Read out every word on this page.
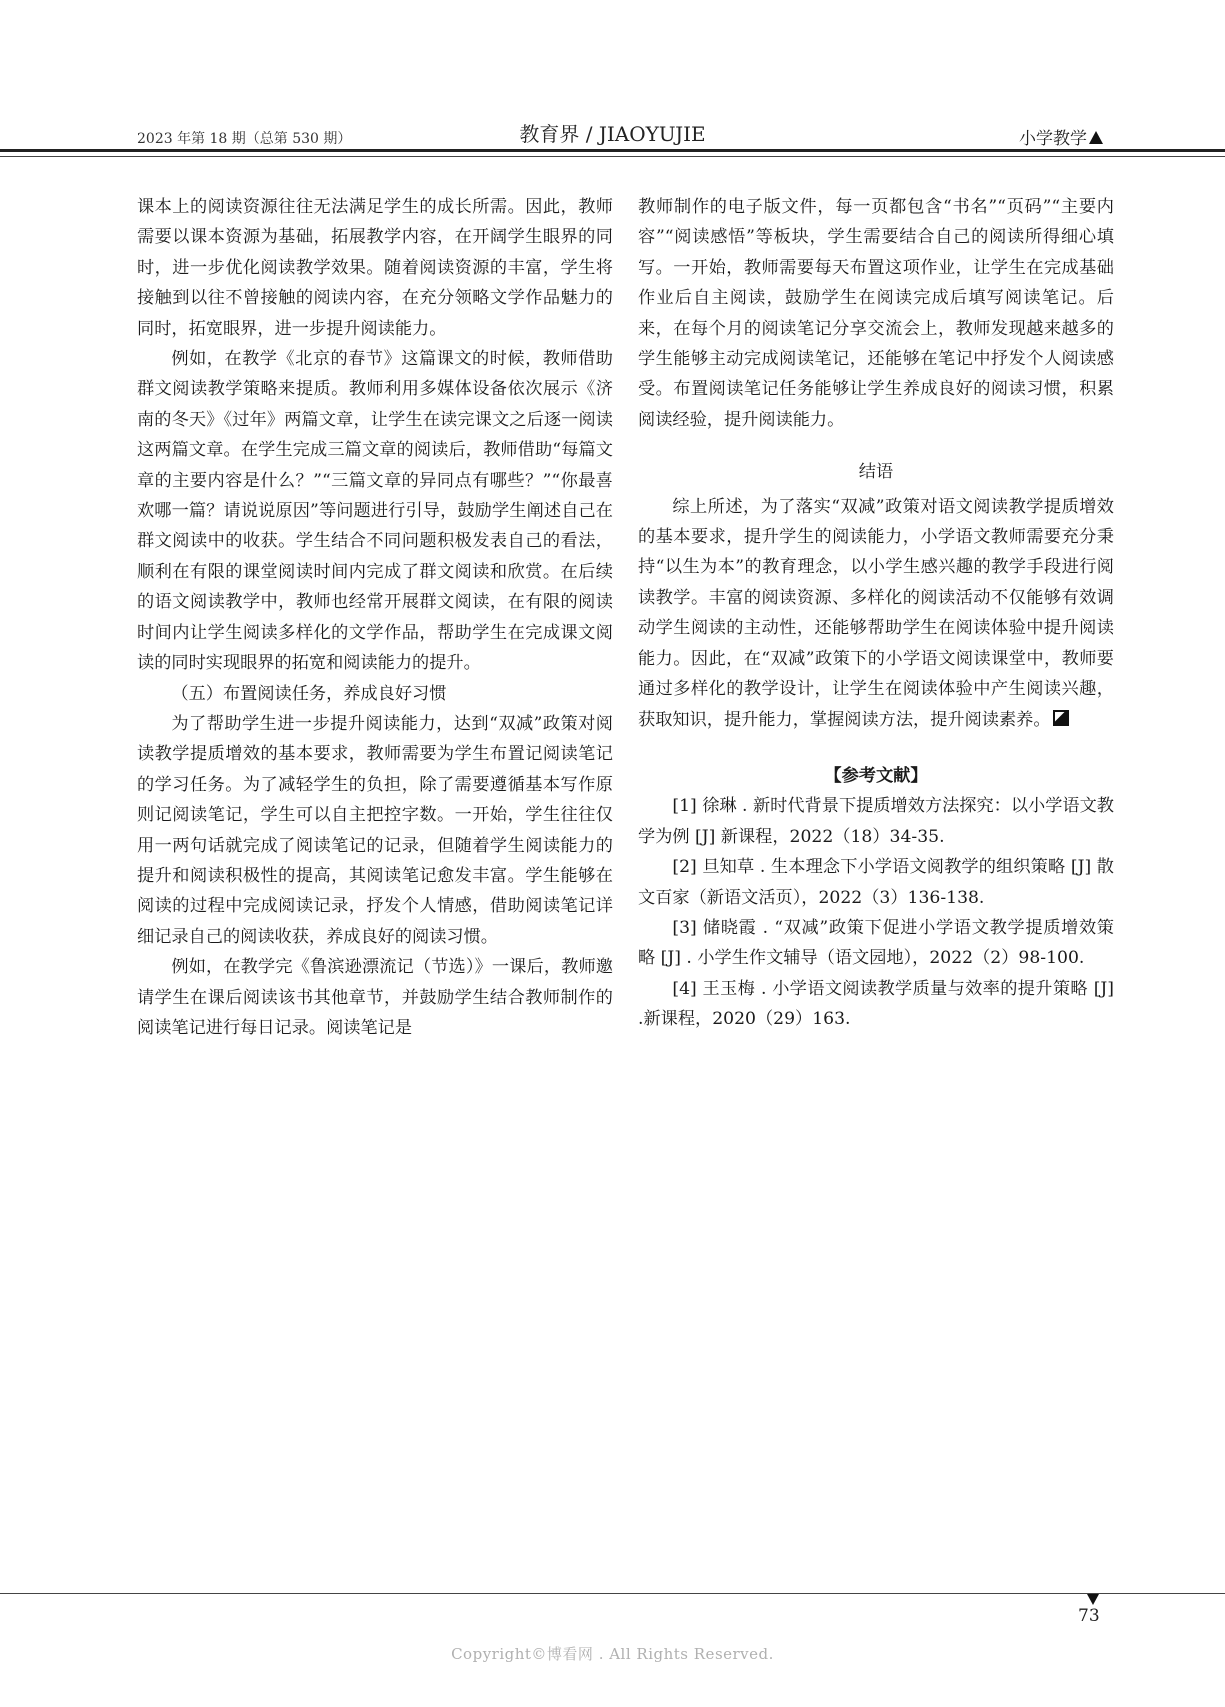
2023 年第 18 期（总第 530 期）	教育界 / JIAOYUJIE	小学教学

课本上的阅读资源往往无法满足学生的成长所需。因此，教师需要以课本资源为基础，拓展教学内容，在开阔学生眼界的同时，进一步优化阅读教学效果。随着阅读资源的丰富，学生将接触到以往不曾接触的阅读内容，在充分领略文学作品魅力的同时，拓宽眼界，进一步提升阅读能力。

例如，在教学《北京的春节》这篇课文的时候，教师借助群文阅读教学策略来提质。教师利用多媒体设备依次展示《济南的冬天》《过年》两篇文章，让学生在读完课文之后逐一阅读这两篇文章。在学生完成三篇文章的阅读后，教师借助“每篇文章的主要内容是什么？”“三篇文章的异同点有哪些？”“你最喜欢哪一篇？请说说原因”等问题进行引导，鼓励学生阐述自己在群文阅读中的收获。学生结合不同问题积极发表自己的看法，顺利在有限的课堂阅读时间内完成了群文阅读和欣赏。在后续的语文阅读教学中，教师也经常开展群文阅读，在有限的阅读时间内让学生阅读多样化的文学作品，帮助学生在完成课文阅读的同时实现眼界的拓宽和阅读能力的提升。

（五）布置阅读任务，养成良好习惯

为了帮助学生进一步提升阅读能力，达到“双减”政策对阅读教学提质增效的基本要求，教师需要为学生布置记阅读笔记的学习任务。为了减轻学生的负担，除了需要遵循基本写作原则记阅读笔记，学生可以自主把控字数。一开始，学生往往仅用一两句话就完成了阅读笔记的记录，但随着学生阅读能力的提升和阅读积极性的提高，其阅读笔记愈发丰富。学生能够在阅读的过程中完成阅读记录，抒发个人情感，借助阅读笔记详细记录自己的阅读收获，养成良好的阅读习惯。

例如，在教学完《鲁滨逊漂流记（节选）》一课后，教师邀请学生在课后阅读该书其他章节，并鼓励学生结合教师制作的阅读笔记进行每日记录。阅读笔记是

教师制作的电子版文件，每一页都包含“书名”“页码”“主要内容”“阅读感悟”等板块，学生需要结合自己的阅读所得细心填写。一开始，教师需要每天布置这项作业，让学生在完成基础作业后自主阅读，鼓励学生在阅读完成后填写阅读笔记。后来，在每个月的阅读笔记分享交流会上，教师发现越来越多的学生能够主动完成阅读笔记，还能够在笔记中抒发个人阅读感受。布置阅读笔记任务能够让学生养成良好的阅读习惯，积累阅读经验，提升阅读能力。

结语

综上所述，为了落实“双减”政策对语文阅读教学提质增效的基本要求，提升学生的阅读能力，小学语文教师需要充分秉持“以生为本”的教育理念，以小学生感兴趣的教学手段进行阅读教学。丰富的阅读资源、多样化的阅读活动不仅能够有效调动学生阅读的主动性，还能够帮助学生在阅读体验中提升阅读能力。因此，在“双减”政策下的小学语文阅读课堂中，教师要通过多样化的教学设计，让学生在阅读体验中产生阅读兴趣，获取知识，提升能力，掌握阅读方法，提升阅读素养。

【参考文献】

[1] 徐琳 . 新时代背景下提质增效方法探究：以小学语文教学为例 [J] 新课程，2022（18）34-35.

[2] 旦知草 . 生本理念下小学语文阅教学的组织策略 [J] 散文百家（新语文活页），2022（3）136-138.

[3] 储晓霞 . “双减”政策下促进小学语文教学提质增效策略 [J] . 小学生作文辅导（语文园地），2022（2）98-100.

[4] 王玉梅 . 小学语文阅读教学质量与效率的提升策略 [J] .新课程，2020（29）163.

73
Copyright©博看网 . All Rights Reserved.
